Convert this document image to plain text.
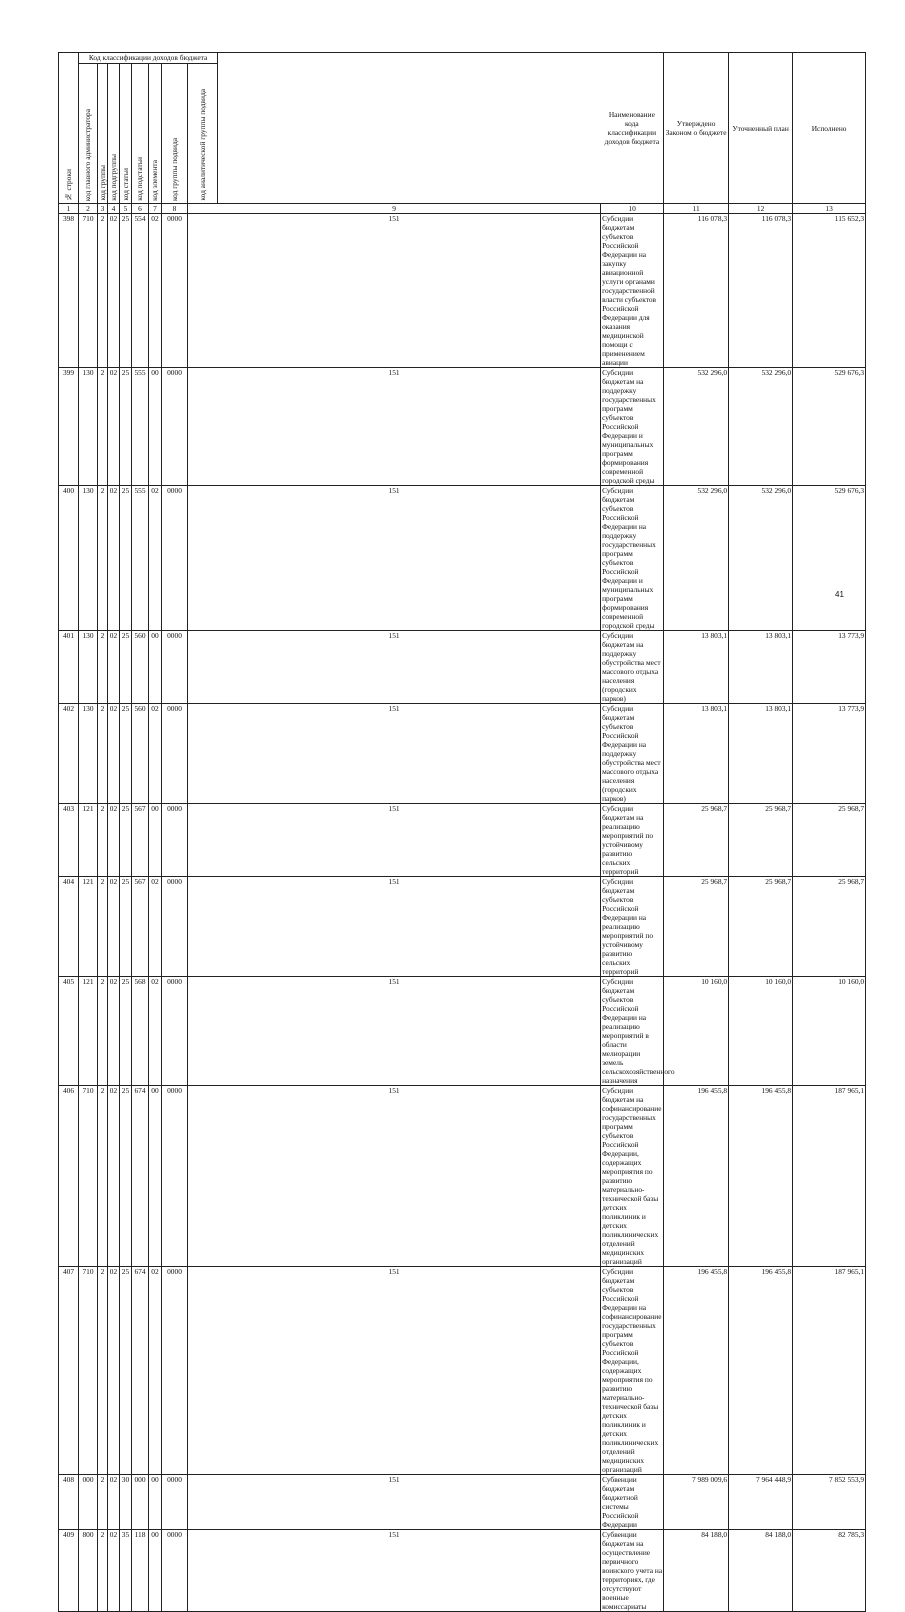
№ строки	Код классификации доходов бюджета									Наименование кода классификации доходов бюджета	Утверждено Законом о бюджете	Уточненный план	Исполнено	

	код главного администратора	код группы	код подгруппы	код статьи	код подстатьи	код элемента	код группы подвида	код аналитической группы подвида						

1	2	3	4	5	6	7	8	9		10	11	12	13	
398	710	2	02	25	554	02	0000	151		Субсидии бюджетам субъектов Российской Федерации на закупку авиационной услуги органами государственной власти субъектов Российской Федерации для оказания медицинской помощи с применением авиации	116 078,3	116 078,3	115 652,3	
399	130	2	02	25	555	00	0000	151		Субсидии бюджетам на поддержку государственных программ субъектов Российской Федерации и муниципальных программ формирования современной городской среды	532 296,0	532 296,0	529 676,3	
400	130	2	02	25	555	02	0000	151		Субсидии бюджетам субъектов Российской Федерации на поддержку государственных программ субъектов Российской Федерации и муниципальных программ формирования современной городской среды	532 296,0	532 296,0	529 676,3	
401	130	2	02	25	560	00	0000	151		Субсидии бюджетам на поддержку обустройства мест массового отдыха населения (городских парков)	13 803,1	13 803,1	13 773,9	
402	130	2	02	25	560	02	0000	151		Субсидии бюджетам субъектов Российской Федерации на поддержку обустройства мест массового отдыха населения (городских парков)	13 803,1	13 803,1	13 773,9	
403	121	2	02	25	567	00	0000	151		Субсидии бюджетам на реализацию мероприятий по устойчивому развитию сельских территорий	25 968,7	25 968,7	25 968,7	
404	121	2	02	25	567	02	0000	151		Субсидии бюджетам субъектов Российской Федерации на реализацию мероприятий по устойчивому развитию сельских территорий	25 968,7	25 968,7	25 968,7	
405	121	2	02	25	568	02	0000	151		Субсидии бюджетам субъектов Российской Федерации на реализацию мероприятий в области мелиорации земель сельскохозяйственного назначения	10 160,0	10 160,0	10 160,0	
406	710	2	02	25	674	00	0000	151		Субсидии бюджетам на софинансирование государственных программ субъектов Российской Федерации, содержащих мероприятия по развитию материально-технической базы детских поликлиник и детских поликлинических отделений медицинских организаций	196 455,8	196 455,8	187 965,1	
407	710	2	02	25	674	02	0000	151		Субсидии бюджетам субъектов Российской Федерации на софинансирование государственных программ субъектов Российской Федерации, содержащих мероприятия по развитию материально-технической базы детских поликлиник и детских поликлинических отделений медицинских организаций	196 455,8	196 455,8	187 965,1	
408	000	2	02	30	000	00	0000	151		Субвенции бюджетам бюджетной системы Российской Федерации	7 989 009,6	7 964 448,9	7 852 553,9	
409	800	2	02	35	118	00	0000	151		Субвенции бюджетам на осуществление первичного воинского учета на территориях, где отсутствуют военные комиссариаты	84 188,0	84 188,0	82 785,3	
41
